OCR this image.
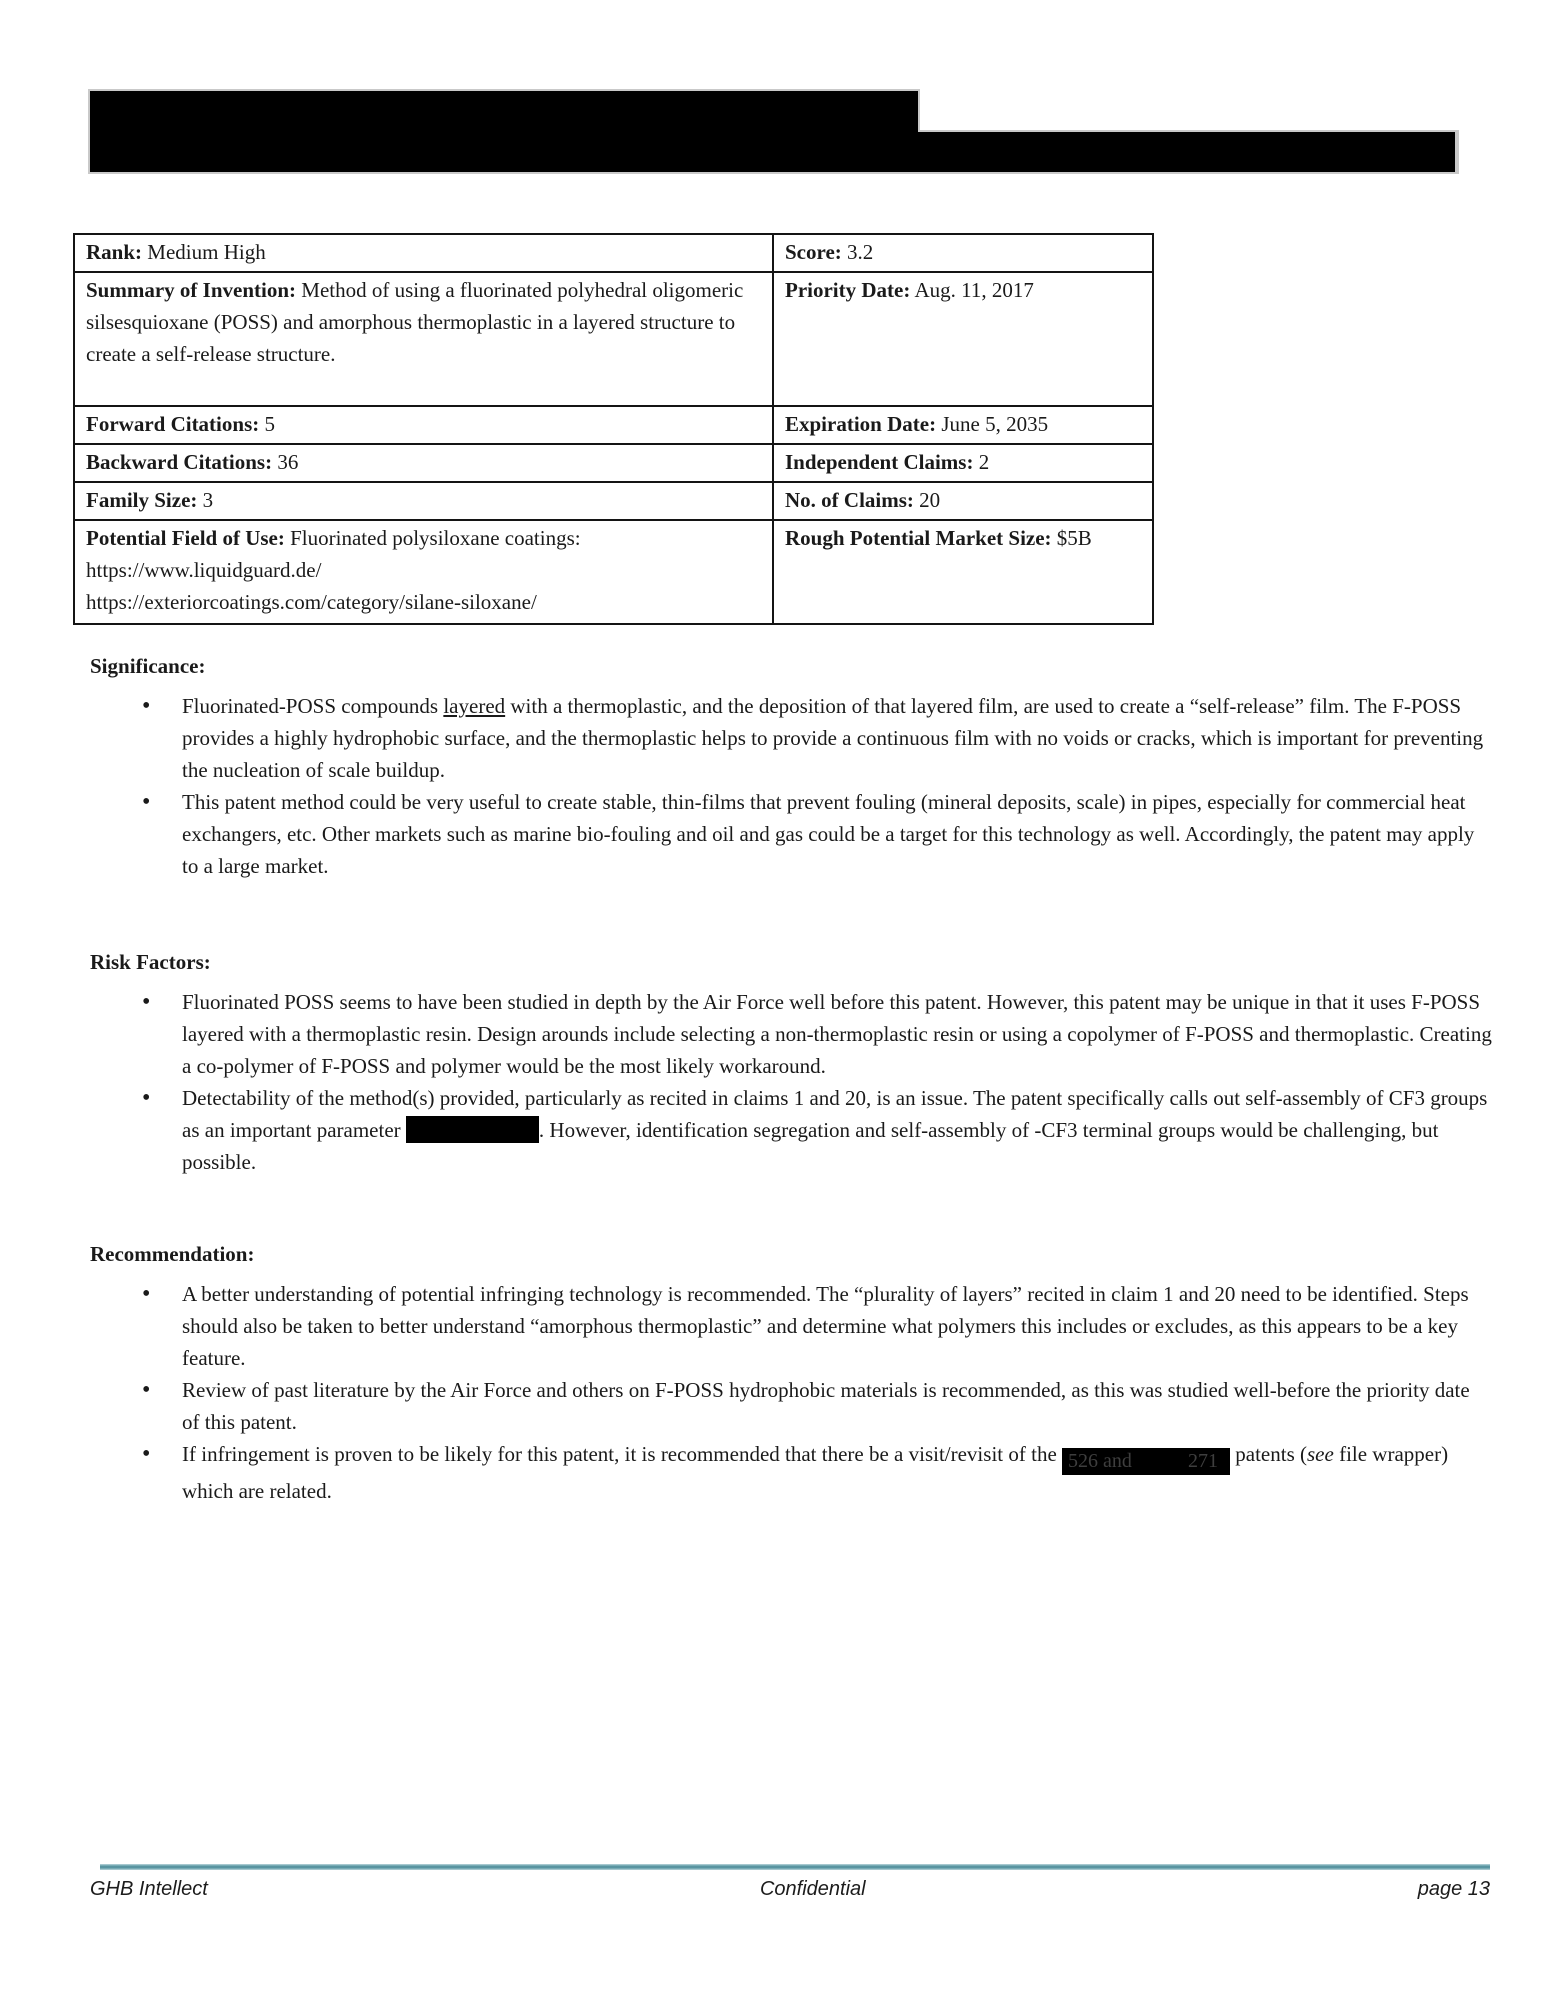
Rank: Medium High	Score: 3.2
Summary of Invention: Method of using a fluorinated polyhedral oligomeric silsesquioxane (POSS) and amorphous thermoplastic in a layered structure to create a self-release structure.	Priority Date: Aug. 11, 2017
Forward Citations: 5	Expiration Date: June 5, 2035
Backward Citations: 36	Independent Claims: 2
Family Size: 3	No. of Claims: 20
Potential Field of Use: Fluorinated polysiloxane coatings:
https://www.liquidguard.de/
https://exteriorcoatings.com/category/silane-siloxane/	Rough Potential Market Size: $5B

Significance:

• Fluorinated-POSS compounds layered with a thermoplastic, and the deposition of that layered film, are used to create a “self-release” film. The F-POSS provides a highly hydrophobic surface, and the thermoplastic helps to provide a continuous film with no voids or cracks, which is important for preventing the nucleation of scale buildup.
• This patent method could be very useful to create stable, thin-films that prevent fouling (mineral deposits, scale) in pipes, especially for commercial heat exchangers, etc. Other markets such as marine bio-fouling and oil and gas could be a target for this technology as well. Accordingly, the patent may apply to a large market.

Risk Factors:

• Fluorinated POSS seems to have been studied in depth by the Air Force well before this patent. However, this patent may be unique in that it uses F-POSS layered with a thermoplastic resin. Design arounds include selecting a non-thermoplastic resin or using a copolymer of F-POSS and thermoplastic. Creating a co-polymer of F-POSS and polymer would be the most likely workaround.
• Detectability of the method(s) provided, particularly as recited in claims 1 and 20, is an issue. The patent specifically calls out self-assembly of CF3 groups as an important parameter	. However, identification segregation and self-assembly of -CF3 terminal groups would be challenging, but possible.

Recommendation:

• A better understanding of potential infringing technology is recommended. The “plurality of layers” recited in claim 1 and 20 need to be identified. Steps should also be taken to better understand “amorphous thermoplastic” and determine what polymers this includes or excludes, as this appears to be a key feature.
• Review of past literature by the Air Force and others on F-POSS hydrophobic materials is recommended, as this was studied well-before the priority date of this patent.
• If infringement is proven to be likely for this patent, it is recommended that there be a visit/revisit of the 526 and	271 patents (see file wrapper) which are related.
GHB Intellect	Confidential	page 13
